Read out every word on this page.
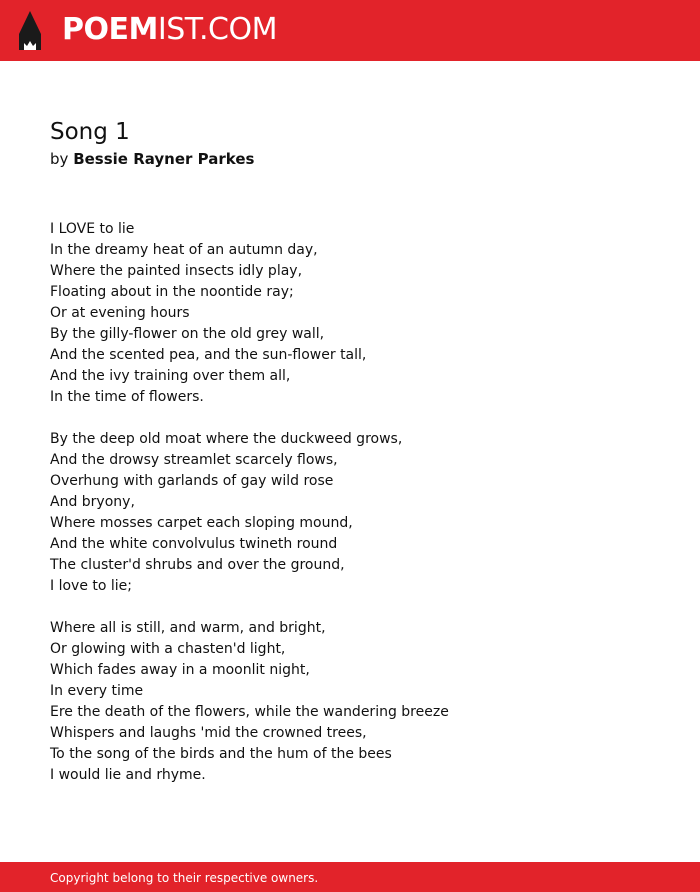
POEMIST.COM
Song 1
by Bessie Rayner Parkes
I LOVE to lie
In the dreamy heat of an autumn day,
Where the painted insects idly play,
Floating about in the noontide ray;
Or at evening hours
By the gilly-flower on the old grey wall,
And the scented pea, and the sun-flower tall,
And the ivy training over them all,
In the time of flowers.
By the deep old moat where the duckweed grows,
And the drowsy streamlet scarcely flows,
Overhung with garlands of gay wild rose
And bryony,
Where mosses carpet each sloping mound,
And the white convolvulus twineth round
The cluster'd shrubs and over the ground,
I love to lie;
Where all is still, and warm, and bright,
Or glowing with a chasten'd light,
Which fades away in a moonlit night,
In every time
Ere the death of the flowers, while the wandering breeze
Whispers and laughs 'mid the crowned trees,
To the song of the birds and the hum of the bees
I would lie and rhyme.
Copyright belong to their respective owners.
